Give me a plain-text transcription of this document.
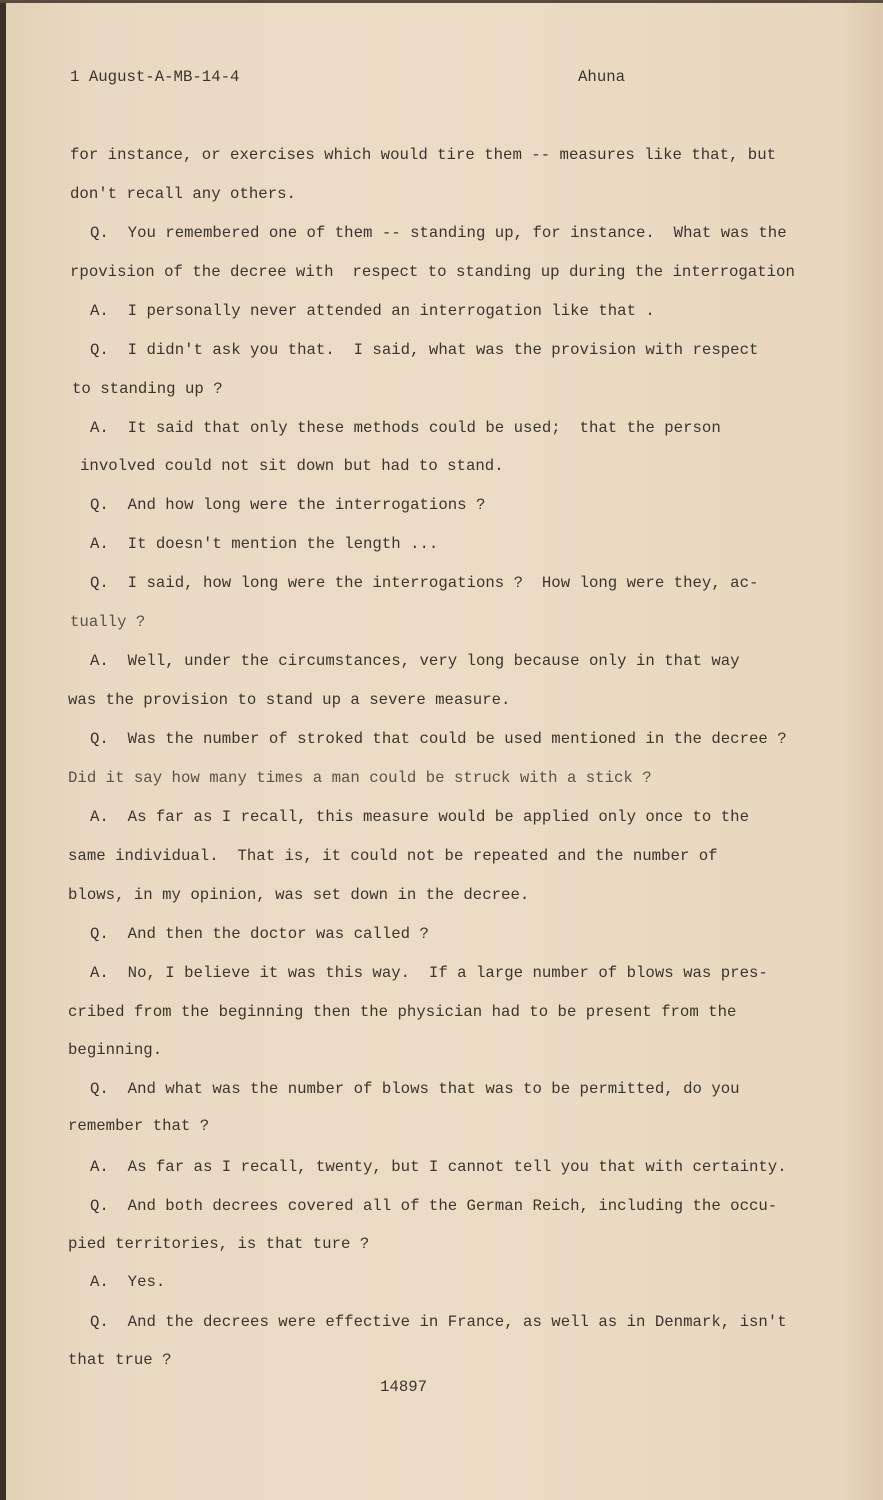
1 August-A-MB-14-4	Ahuna
for instance, or exercises which would tire them -- measures like that, but
don't recall any others.
Q.  You remembered one of them -- standing up, for instance.  What was the
rpovision of the decree with  respect to standing up during the interrogation
A.  I personally never attended an interrogation like that .
Q.  I didn't ask you that.  I said, what was the provision with respect
to standing up ?
A.  It said that only these methods could be used;  that the person
involved could not sit down but had to stand.
Q.  And how long were the interrogations ?
A.  It doesn't mention the length ...
Q.  I said, how long were the interrogations ?  How long were they, ac-
tually ?
A.  Well, under the circumstances, very long because only in that way
was the provision to stand up a severe measure.
Q.  Was the number of stroked that could be used mentioned in the decree ?
Did it say how many times a man could be struck with a stick ?
A.  As far as I recall, this measure would be applied only once to the
same individual.  That is, it could not be repeated and the number of
blows, in my opinion, was set down in the decree.
Q.  And then the doctor was called ?
A.  No, I believe it was this way.  If a large number of blows was pres-
cribed from the beginning then the physician had to be present from the
beginning.
Q.  And what was the number of blows that was to be permitted, do you
remember that ?
A.  As far as I recall, twenty, but I cannot tell you that with certainty.
Q.  And both decrees covered all of the German Reich, including the occu-
pied territories, is that ture ?
A.  Yes.
Q.  And the decrees were effective in France, as well as in Denmark, isn't
that true ?
14897
